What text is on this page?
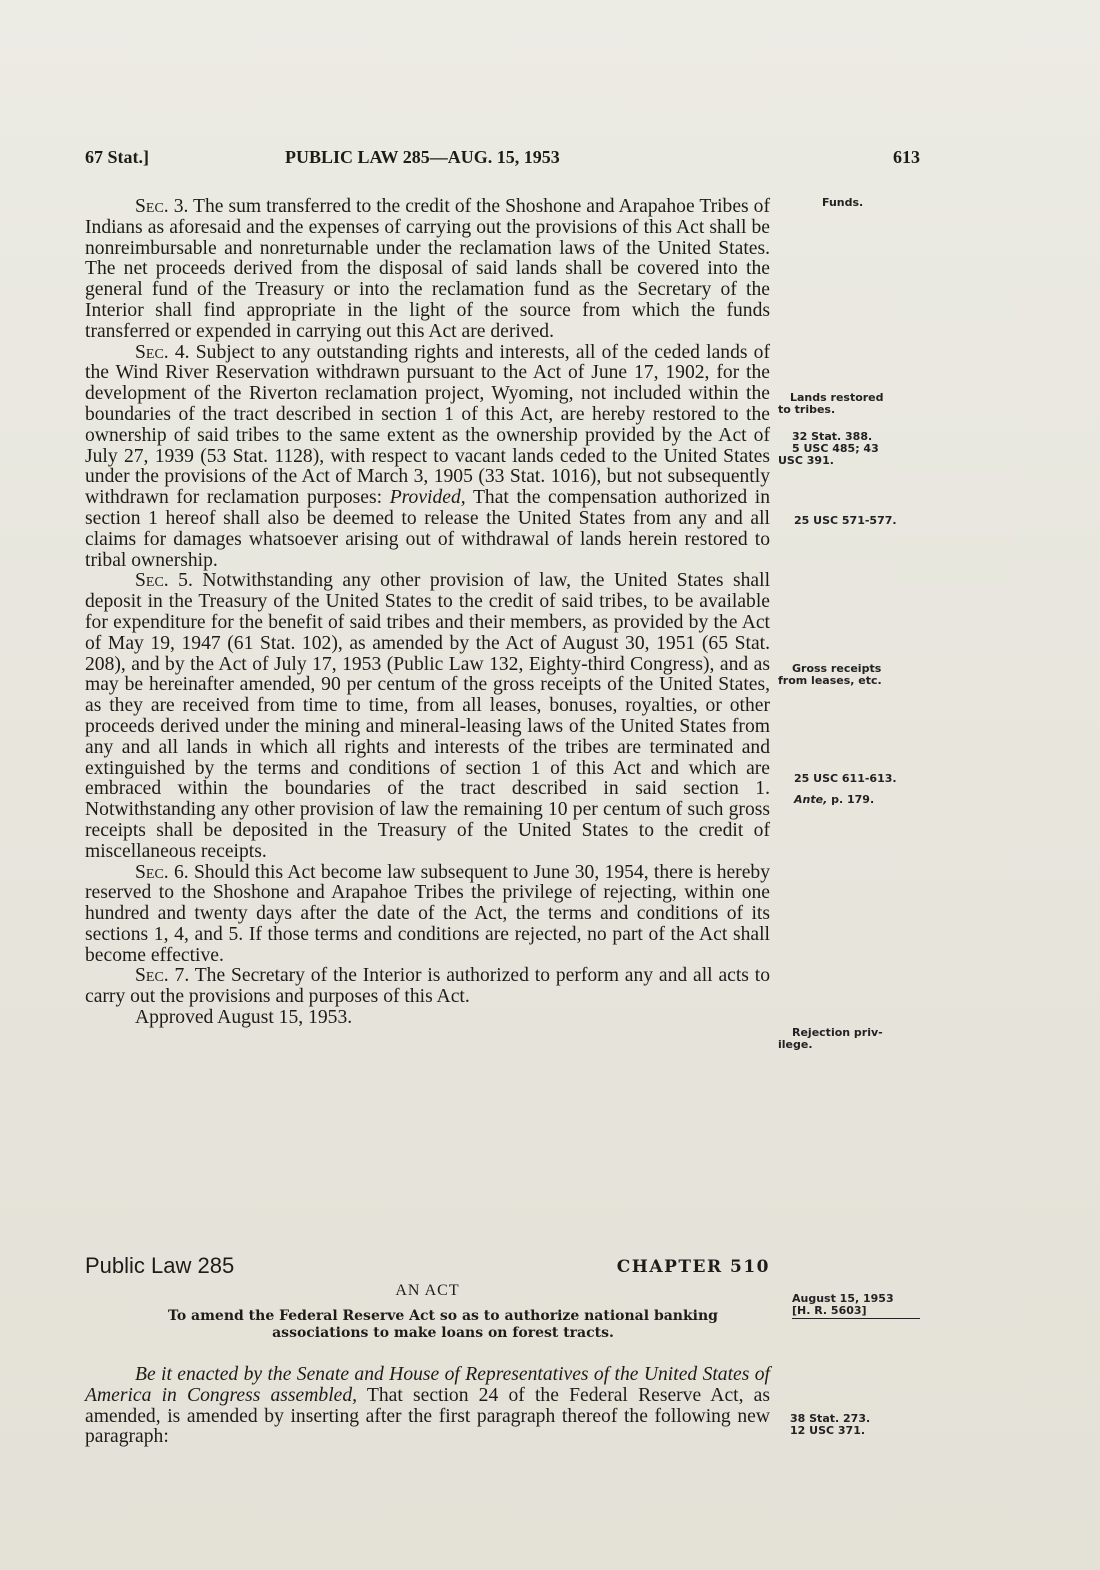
67 Stat.]	PUBLIC LAW 285—AUG. 15, 1953	613

Sec. 3. The sum transferred to the credit of the Shoshone and Arapahoe Tribes of Indians as aforesaid and the expenses of carrying out the provisions of this Act shall be nonreimbursable and nonreturnable under the reclamation laws of the United States. The net proceeds derived from the disposal of said lands shall be covered into the general fund of the Treasury or into the reclamation fund as the Secretary of the Interior shall find appropriate in the light of the source from which the funds transferred or expended in carrying out this Act are derived.

Sec. 4. Subject to any outstanding rights and interests, all of the ceded lands of the Wind River Reservation withdrawn pursuant to the Act of June 17, 1902, for the development of the Riverton reclamation project, Wyoming, not included within the boundaries of the tract described in section 1 of this Act, are hereby restored to the ownership of said tribes to the same extent as the ownership provided by the Act of July 27, 1939 (53 Stat. 1128), with respect to vacant lands ceded to the United States under the provisions of the Act of March 3, 1905 (33 Stat. 1016), but not subsequently withdrawn for reclamation purposes: Provided, That the compensation authorized in section 1 hereof shall also be deemed to release the United States from any and all claims for damages whatsoever arising out of withdrawal of lands herein restored to tribal ownership.

Sec. 5. Notwithstanding any other provision of law, the United States shall deposit in the Treasury of the United States to the credit of said tribes, to be available for expenditure for the benefit of said tribes and their members, as provided by the Act of May 19, 1947 (61 Stat. 102), as amended by the Act of August 30, 1951 (65 Stat. 208), and by the Act of July 17, 1953 (Public Law 132, Eighty-third Congress), and as may be hereinafter amended, 90 per centum of the gross receipts of the United States, as they are received from time to time, from all leases, bonuses, royalties, or other proceeds derived under the mining and mineral-leasing laws of the United States from any and all lands in which all rights and interests of the tribes are terminated and extinguished by the terms and conditions of section 1 of this Act and which are embraced within the boundaries of the tract described in said section 1. Notwithstanding any other provision of law the remaining 10 per centum of such gross receipts shall be deposited in the Treasury of the United States to the credit of miscellaneous receipts.

Sec. 6. Should this Act become law subsequent to June 30, 1954, there is hereby reserved to the Shoshone and Arapahoe Tribes the privilege of rejecting, within one hundred and twenty days after the date of the Act, the terms and conditions of its sections 1, 4, and 5. If those terms and conditions are rejected, no part of the Act shall become effective.

Sec. 7. The Secretary of the Interior is authorized to perform any and all acts to carry out the provisions and purposes of this Act.

Approved August 15, 1953.

Funds.
Lands restored
to tribes.
32 Stat. 388.
5 USC 485; 43
USC 391.
25 USC 571-577.
Gross receipts
from leases, etc.
25 USC 611-613.
Ante, p. 179.
Rejection priv-
ilege.
August 15, 1953
[H. R. 5603]
38 Stat. 273.
12 USC 371.
Public Law 285	CHAPTER 510
AN ACT
To amend the Federal Reserve Act so as to authorize national banking associations to make loans on forest tracts.

Be it enacted by the Senate and House of Representatives of the United States of America in Congress assembled, That section 24 of the Federal Reserve Act, as amended, is amended by inserting after the first paragraph thereof the following new paragraph:
